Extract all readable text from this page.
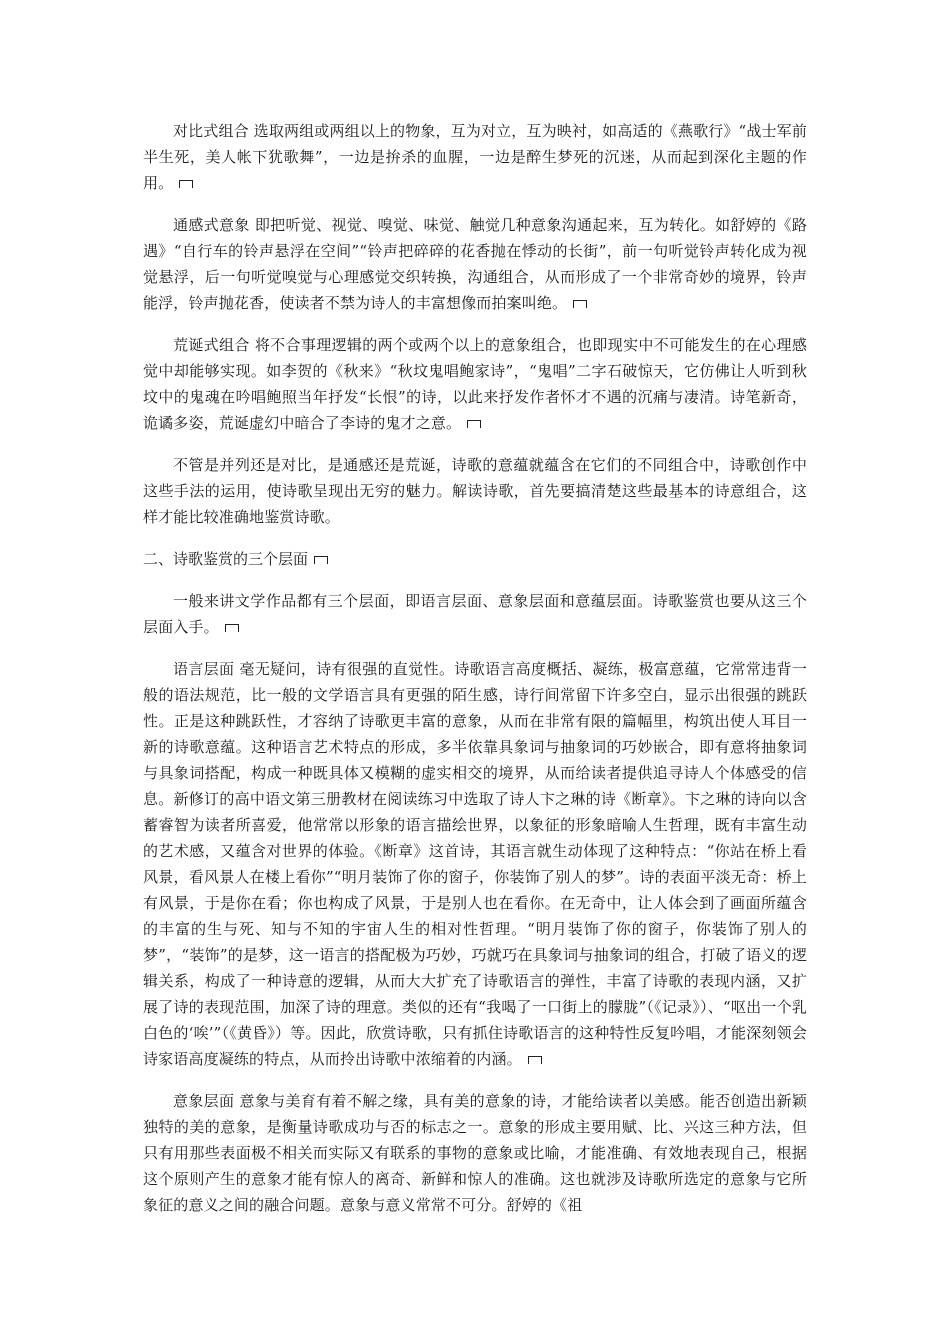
对比式组合 选取两组或两组以上的物象，互为对立，互为映衬，如高适的《燕歌行》“战士军前半生死，美人帐下犹歌舞”，一边是拚杀的血腥，一边是醉生梦死的沉迷，从而起到深化主题的作用。

通感式意象 即把听觉、视觉、嗅觉、味觉、触觉几种意象沟通起来，互为转化。如舒婷的《路遇》“自行车的铃声悬浮在空间”“铃声把碎碎的花香抛在悸动的长街”，前一句听觉铃声转化成为视觉悬浮，后一句听觉嗅觉与心理感觉交织转换，沟通组合，从而形成了一个非常奇妙的境界，铃声能浮，铃声抛花香，使读者不禁为诗人的丰富想像而拍案叫绝。

荒诞式组合 将不合事理逻辑的两个或两个以上的意象组合，也即现实中不可能发生的在心理感觉中却能够实现。如李贺的《秋来》“秋坟鬼唱鲍家诗”，“鬼唱”二字石破惊天，它仿佛让人听到秋坟中的鬼魂在吟唱鲍照当年抒发“长恨”的诗，以此来抒发作者怀才不遇的沉痛与凄清。诗笔新奇，诡谲多姿，荒诞虚幻中暗合了李诗的鬼才之意。

不管是并列还是对比，是通感还是荒诞，诗歌的意蕴就蕴含在它们的不同组合中，诗歌创作中这些手法的运用，使诗歌呈现出无穷的魅力。解读诗歌，首先要搞清楚这些最基本的诗意组合，这样才能比较准确地鉴赏诗歌。

二、诗歌鉴赏的三个层面

一般来讲文学作品都有三个层面，即语言层面、意象层面和意蕴层面。诗歌鉴赏也要从这三个层面入手。

语言层面 毫无疑问，诗有很强的直觉性。诗歌语言高度概括、凝练，极富意蕴，它常常违背一般的语法规范，比一般的文学语言具有更强的陌生感，诗行间常留下许多空白，显示出很强的跳跃性。正是这种跳跃性，才容纳了诗歌更丰富的意象，从而在非常有限的篇幅里，构筑出使人耳目一新的诗歌意蕴。这种语言艺术特点的形成，多半依靠具象词与抽象词的巧妙嵌合，即有意将抽象词与具象词搭配，构成一种既具体又模糊的虚实相交的境界，从而给读者提供追寻诗人个体感受的信息。新修订的高中语文第三册教材在阅读练习中选取了诗人卞之琳的诗《断章》。卞之琳的诗向以含蓄睿智为读者所喜爱，他常常以形象的语言描绘世界，以象征的形象暗喻人生哲理，既有丰富生动的艺术感，又蕴含对世界的体验。《断章》这首诗，其语言就生动体现了这种特点：“你站在桥上看风景，看风景人在楼上看你”“明月装饰了你的窗子，你装饰了别人的梦”。诗的表面平淡无奇：桥上有风景，于是你在看；你也构成了风景，于是别人也在看你。在无奇中，让人体会到了画面所蕴含的丰富的生与死、知与不知的宇宙人生的相对性哲理。“明月装饰了你的窗子，你装饰了别人的梦”，“装饰”的是梦，这一语言的搭配极为巧妙，巧就巧在具象词与抽象词的组合，打破了语义的逻辑关系，构成了一种诗意的逻辑，从而大大扩充了诗歌语言的弹性，丰富了诗歌的表现内涵，又扩展了诗的表现范围，加深了诗的理意。类似的还有“我喝了一口街上的朦胧”（《记录》）、“呕出一个乳白色的‘唉’”（《黄昏》）等。因此，欣赏诗歌，只有抓住诗歌语言的这种特性反复吟唱，才能深刻领会诗家语高度凝练的特点，从而拎出诗歌中浓缩着的内涵。

意象层面 意象与美育有着不解之缘，具有美的意象的诗，才能给读者以美感。能否创造出新颖独特的美的意象，是衡量诗歌成功与否的标志之一。意象的形成主要用赋、比、兴这三种方法，但只有用那些表面极不相关而实际又有联系的事物的意象或比喻，才能准确、有效地表现自己，根据这个原则产生的意象才能有惊人的离奇、新鲜和惊人的准确。这也就涉及诗歌所选定的意象与它所象征的意义之间的融合问题。意象与意义常常不可分。舒婷的《祖
